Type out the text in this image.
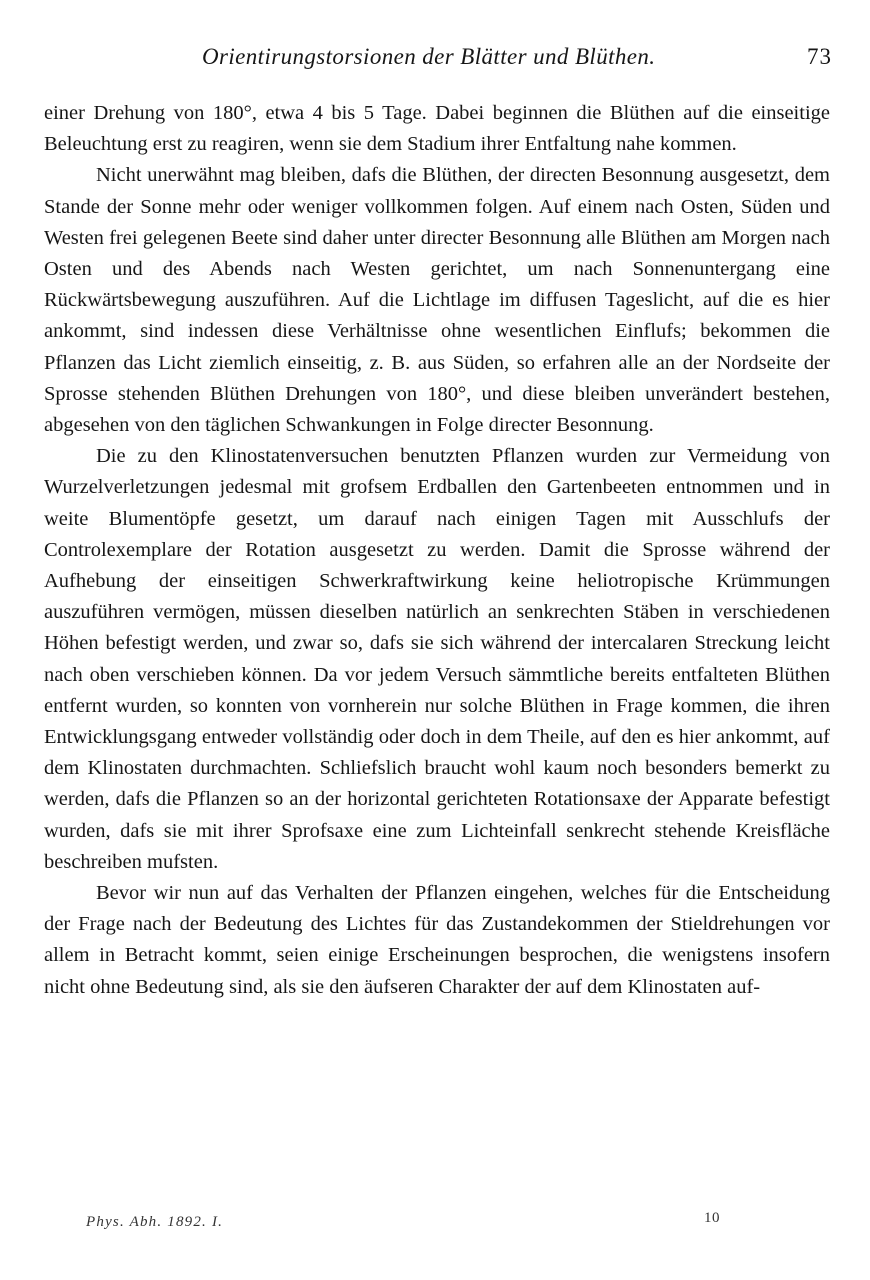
Orientirungstorsionen der Blätter und Blüthen.	73

einer Drehung von 180°, etwa 4 bis 5 Tage. Dabei beginnen die Blüthen auf die einseitige Beleuchtung erst zu reagiren, wenn sie dem Stadium ihrer Entfaltung nahe kommen.

Nicht unerwähnt mag bleiben, dafs die Blüthen, der directen Besonnung ausgesetzt, dem Stande der Sonne mehr oder weniger vollkommen folgen. Auf einem nach Osten, Süden und Westen frei gelegenen Beete sind daher unter directer Besonnung alle Blüthen am Morgen nach Osten und des Abends nach Westen gerichtet, um nach Sonnenuntergang eine Rückwärtsbewegung auszuführen. Auf die Lichtlage im diffusen Tageslicht, auf die es hier ankommt, sind indessen diese Verhältnisse ohne wesentlichen Einflufs; bekommen die Pflanzen das Licht ziemlich einseitig, z. B. aus Süden, so erfahren alle an der Nordseite der Sprosse stehenden Blüthen Drehungen von 180°, und diese bleiben unverändert bestehen, abgesehen von den täglichen Schwankungen in Folge directer Besonnung.

Die zu den Klinostatenversuchen benutzten Pflanzen wurden zur Vermeidung von Wurzelverletzungen jedesmal mit grofsem Erdballen den Gartenbeeten entnommen und in weite Blumentöpfe gesetzt, um darauf nach einigen Tagen mit Ausschlufs der Controlexemplare der Rotation ausgesetzt zu werden. Damit die Sprosse während der Aufhebung der einseitigen Schwerkraftwirkung keine heliotropische Krümmungen auszuführen vermögen, müssen dieselben natürlich an senkrechten Stäben in verschiedenen Höhen befestigt werden, und zwar so, dafs sie sich während der intercalaren Streckung leicht nach oben verschieben können. Da vor jedem Versuch sämmtliche bereits entfalteten Blüthen entfernt wurden, so konnten von vornherein nur solche Blüthen in Frage kommen, die ihren Entwicklungsgang entweder vollständig oder doch in dem Theile, auf den es hier ankommt, auf dem Klinostaten durchmachten. Schliefslich braucht wohl kaum noch besonders bemerkt zu werden, dafs die Pflanzen so an der horizontal gerichteten Rotationsaxe der Apparate befestigt wurden, dafs sie mit ihrer Sprofsaxe eine zum Lichteinfall senkrecht stehende Kreisfläche beschreiben mufsten.

Bevor wir nun auf das Verhalten der Pflanzen eingehen, welches für die Entscheidung der Frage nach der Bedeutung des Lichtes für das Zustandekommen der Stieldrehungen vor allem in Betracht kommt, seien einige Erscheinungen besprochen, die wenigstens insofern nicht ohne Bedeutung sind, als sie den äufseren Charakter der auf dem Klinostaten auf-

Phys. Abh. 1892. I.	10
